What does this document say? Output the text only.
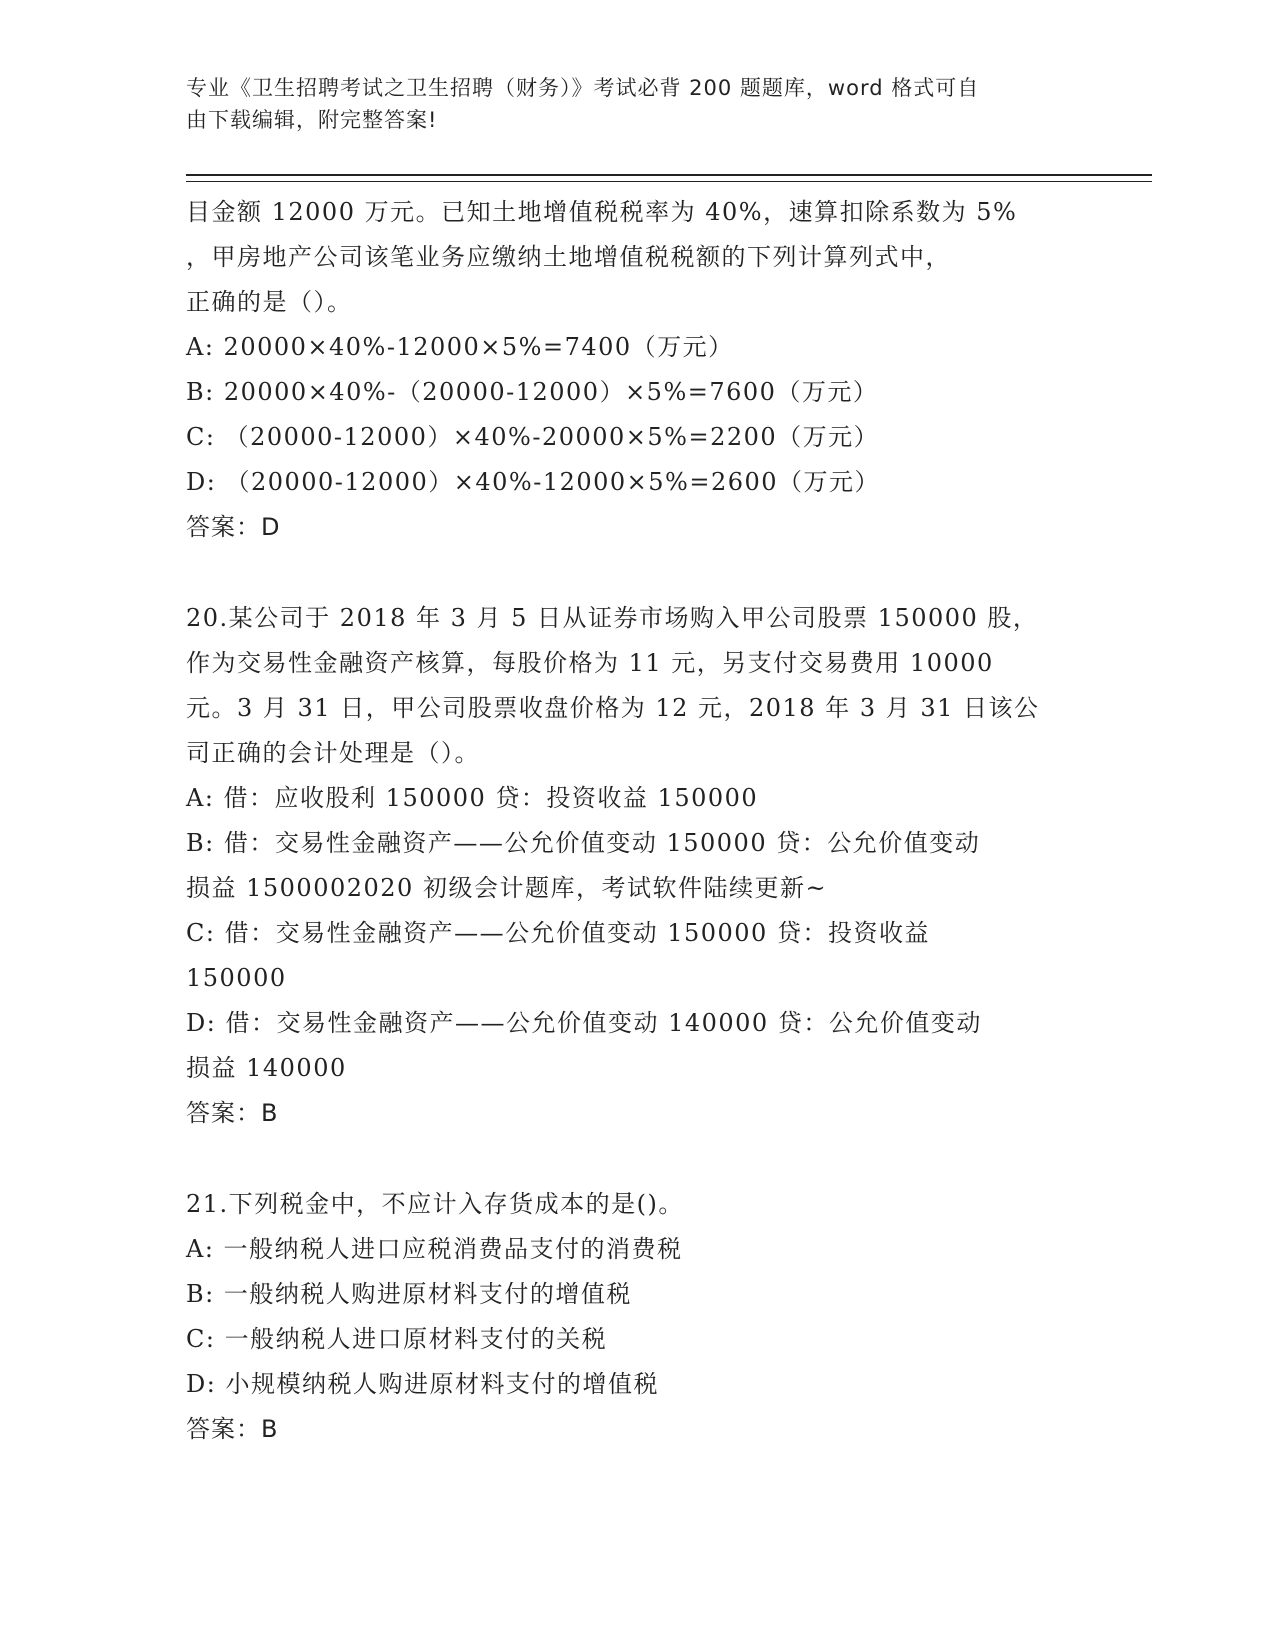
专业《卫生招聘考试之卫生招聘（财务）》考试必背 200 题题库，word 格式可自
由下载编辑，附完整答案!
目金额 12000 万元。已知土地增值税税率为 40%，速算扣除系数为 5%
，甲房地产公司该笔业务应缴纳土地增值税税额的下列计算列式中，
正确的是（）。
A: 20000×40%-12000×5%=7400（万元）
B: 20000×40%-（20000-12000）×5%=7600（万元）
C: （20000-12000）×40%-20000×5%=2200（万元）
D: （20000-12000）×40%-12000×5%=2600（万元）
答案：D
20.某公司于 2018 年 3 月 5 日从证券市场购入甲公司股票 150000 股，
作为交易性金融资产核算，每股价格为 11 元，另支付交易费用 10000
元。3 月 31 日，甲公司股票收盘价格为 12 元，2018 年 3 月 31 日该公
司正确的会计处理是（）。
A: 借：应收股利 150000 贷：投资收益 150000
B: 借：交易性金融资产——公允价值变动 150000 贷：公允价值变动
损益 1500002020 初级会计题库，考试软件陆续更新~
C: 借：交易性金融资产——公允价值变动 150000 贷：投资收益
150000
D: 借：交易性金融资产——公允价值变动 140000 贷：公允价值变动
损益 140000
答案：B
21.下列税金中，不应计入存货成本的是()。
A: 一般纳税人进口应税消费品支付的消费税
B: 一般纳税人购进原材料支付的增值税
C: 一般纳税人进口原材料支付的关税
D: 小规模纳税人购进原材料支付的增值税
答案：B
